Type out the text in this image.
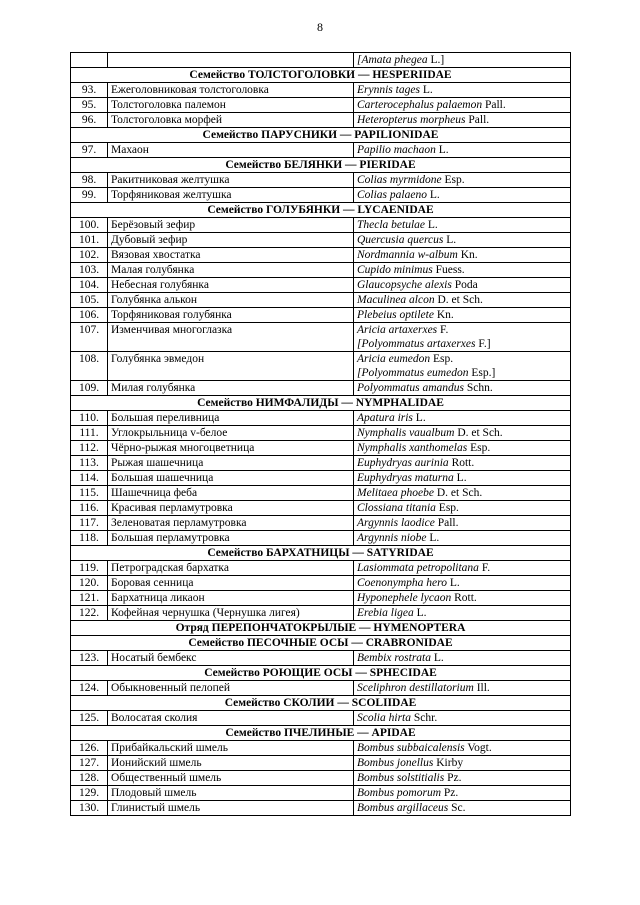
8

		[Amata phegea L.]

Семейство ТОЛСТОГОЛОВКИ — HESPERIIDAE		
93.	Ежеголовниковая толстоголовка	Erynnis tages L.

95.	Толстоголовка палемон	Carterocephalus palaemon Pall.

96.	Толстоголовка морфей	Heteropterus morpheus Pall.

Семейство ПАРУСНИКИ — PAPILIONIDAE		
97.	Махаон	Papilio machaon L.

Семейство БЕЛЯНКИ — PIERIDAE		
98.	Ракитниковая желтушка	Colias myrmidone Esp.

99.	Торфяниковая желтушка	Colias palaeno L.

Семейство ГОЛУБЯНКИ — LYCAENIDAE		
100.	Берёзовый зефир	Thecla betulae L.

101.	Дубовый зефир	Quercusia quercus L.

102.	Вязовая хвостатка	Nordmannia w-album Kn.

103.	Малая голубянка	Cupido minimus Fuess.

104.	Небесная голубянка	Glaucopsyche alexis Poda

105.	Голубянка алькон	Maculinea alcon D. et Sch.

106.	Торфяниковая голубянка	Plebeius optilete Kn.

107.	Изменчивая многоглазка	Aricia artaxerxes F.
[Polyommatus artaxerxes F.]

108.	Голубянка эвмедон	Aricia eumedon Esp.
[Polyommatus eumedon Esp.]

109.	Милая голубянка	Polyommatus amandus Schn.

Семейство НИМФАЛИДЫ — NYMPHALIDAE		
110.	Большая переливница	Apatura iris L.

111.	Углокрыльница v-белое	Nymphalis vaualbum D. et Sch.

112.	Чёрно-рыжая многоцветница	Nymphalis xanthomelas Esp.

113.	Рыжая шашечница	Euphydryas aurinia Rott.

114.	Большая шашечница	Euphydryas maturna L.

115.	Шашечница феба	Melitaea phoebe D. et Sch.

116.	Красивая перламутровка	Clossiana titania Esp.

117.	Зеленоватая перламутровка	Argynnis laodice Pall.

118.	Большая перламутровка	Argynnis niobe L.

Семейство БАРХАТНИЦЫ — SATYRIDAE		
119.	Петроградская бархатка	Lasiommata petropolitana F.

120.	Боровая сенница	Coenonympha hero L.

121.	Бархатница ликаон	Hyponephele lycaon Rott.

122.	Кофейная чернушка (Чернушка лигея)	Erebia ligea L.

Отряд ПЕРЕПОНЧАТОКРЫЛЫЕ — HYMENOPTERA		
Семейство ПЕСОЧНЫЕ ОСЫ — CRABRONIDAE		
123.	Носатый бембекс	Bembix rostrata L.

Семейство РОЮЩИЕ ОСЫ — SPHECIDAE		
124.	Обыкновенный пелопей	Sceliphron destillatorium Ill.

Семейство СКОЛИИ — SCOLIIDAE		
125.	Волосатая сколия	Scolia hirta Schr.

Семейство ПЧЕЛИНЫЕ — APIDAE		
126.	Прибайкальский шмель	Bombus subbaicalensis Vogt.

127.	Ионийский шмель	Bombus jonellus Kirby

128.	Общественный шмель	Bombus solstitialis Pz.

129.	Плодовый шмель	Bombus pomorum Pz.

130.	Глинистый шмель	Bombus argillaceus Sc.
